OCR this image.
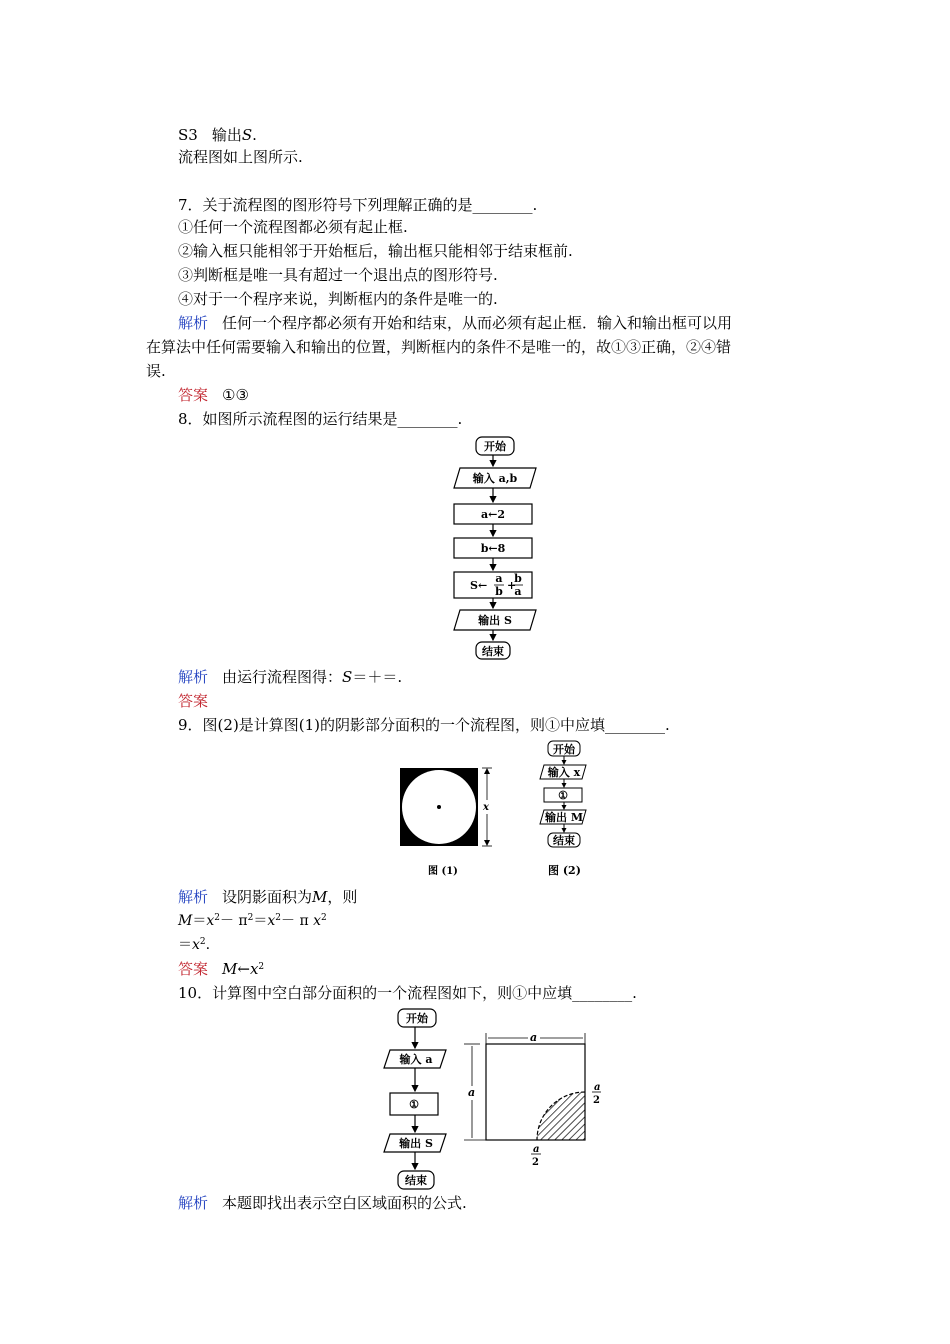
S3 输出S.
流程图如上图所示.
7．关于流程图的图形符号下列理解正确的是________.
①任何一个流程图都必须有起止框.
②输入框只能相邻于开始框后，输出框只能相邻于结束框前.
③判断框是唯一具有超过一个退出点的图形符号.
④对于一个程序来说，判断框内的条件是唯一的.
解析 任何一个程序都必须有开始和结束，从而必须有起止框．输入和输出框可以用
在算法中任何需要输入和输出的位置，判断框内的条件不是唯一的，故①③正确，②④错
误.
答案 ①③
8．如图所示流程图的运行结果是________.
开始
输入 a,b
a←2
b←8
S←
a
b +
b
a
输出 S
结束
解析 由运行流程图得：S＝＋＝.
答案
9．图(2)是计算图(1)的阴影部分面积的一个流程图，则①中应填________.
x
图 (1)
开始
输入 x
①
输出 M
结束
图 (2)
解析 设阴影面积为M，则
$M=x^2- \pi^2=x^2- \pi$ $x^2$
$=x^2$.
答案 $M\leftarrow x^2$
10．计算图中空白部分面积的一个流程图如下，则①中应填________.
开始
输入 a
①
输出 S
结束
a
a	a
2
a
2
解析 本题即找出表示空白区域面积的公式.
